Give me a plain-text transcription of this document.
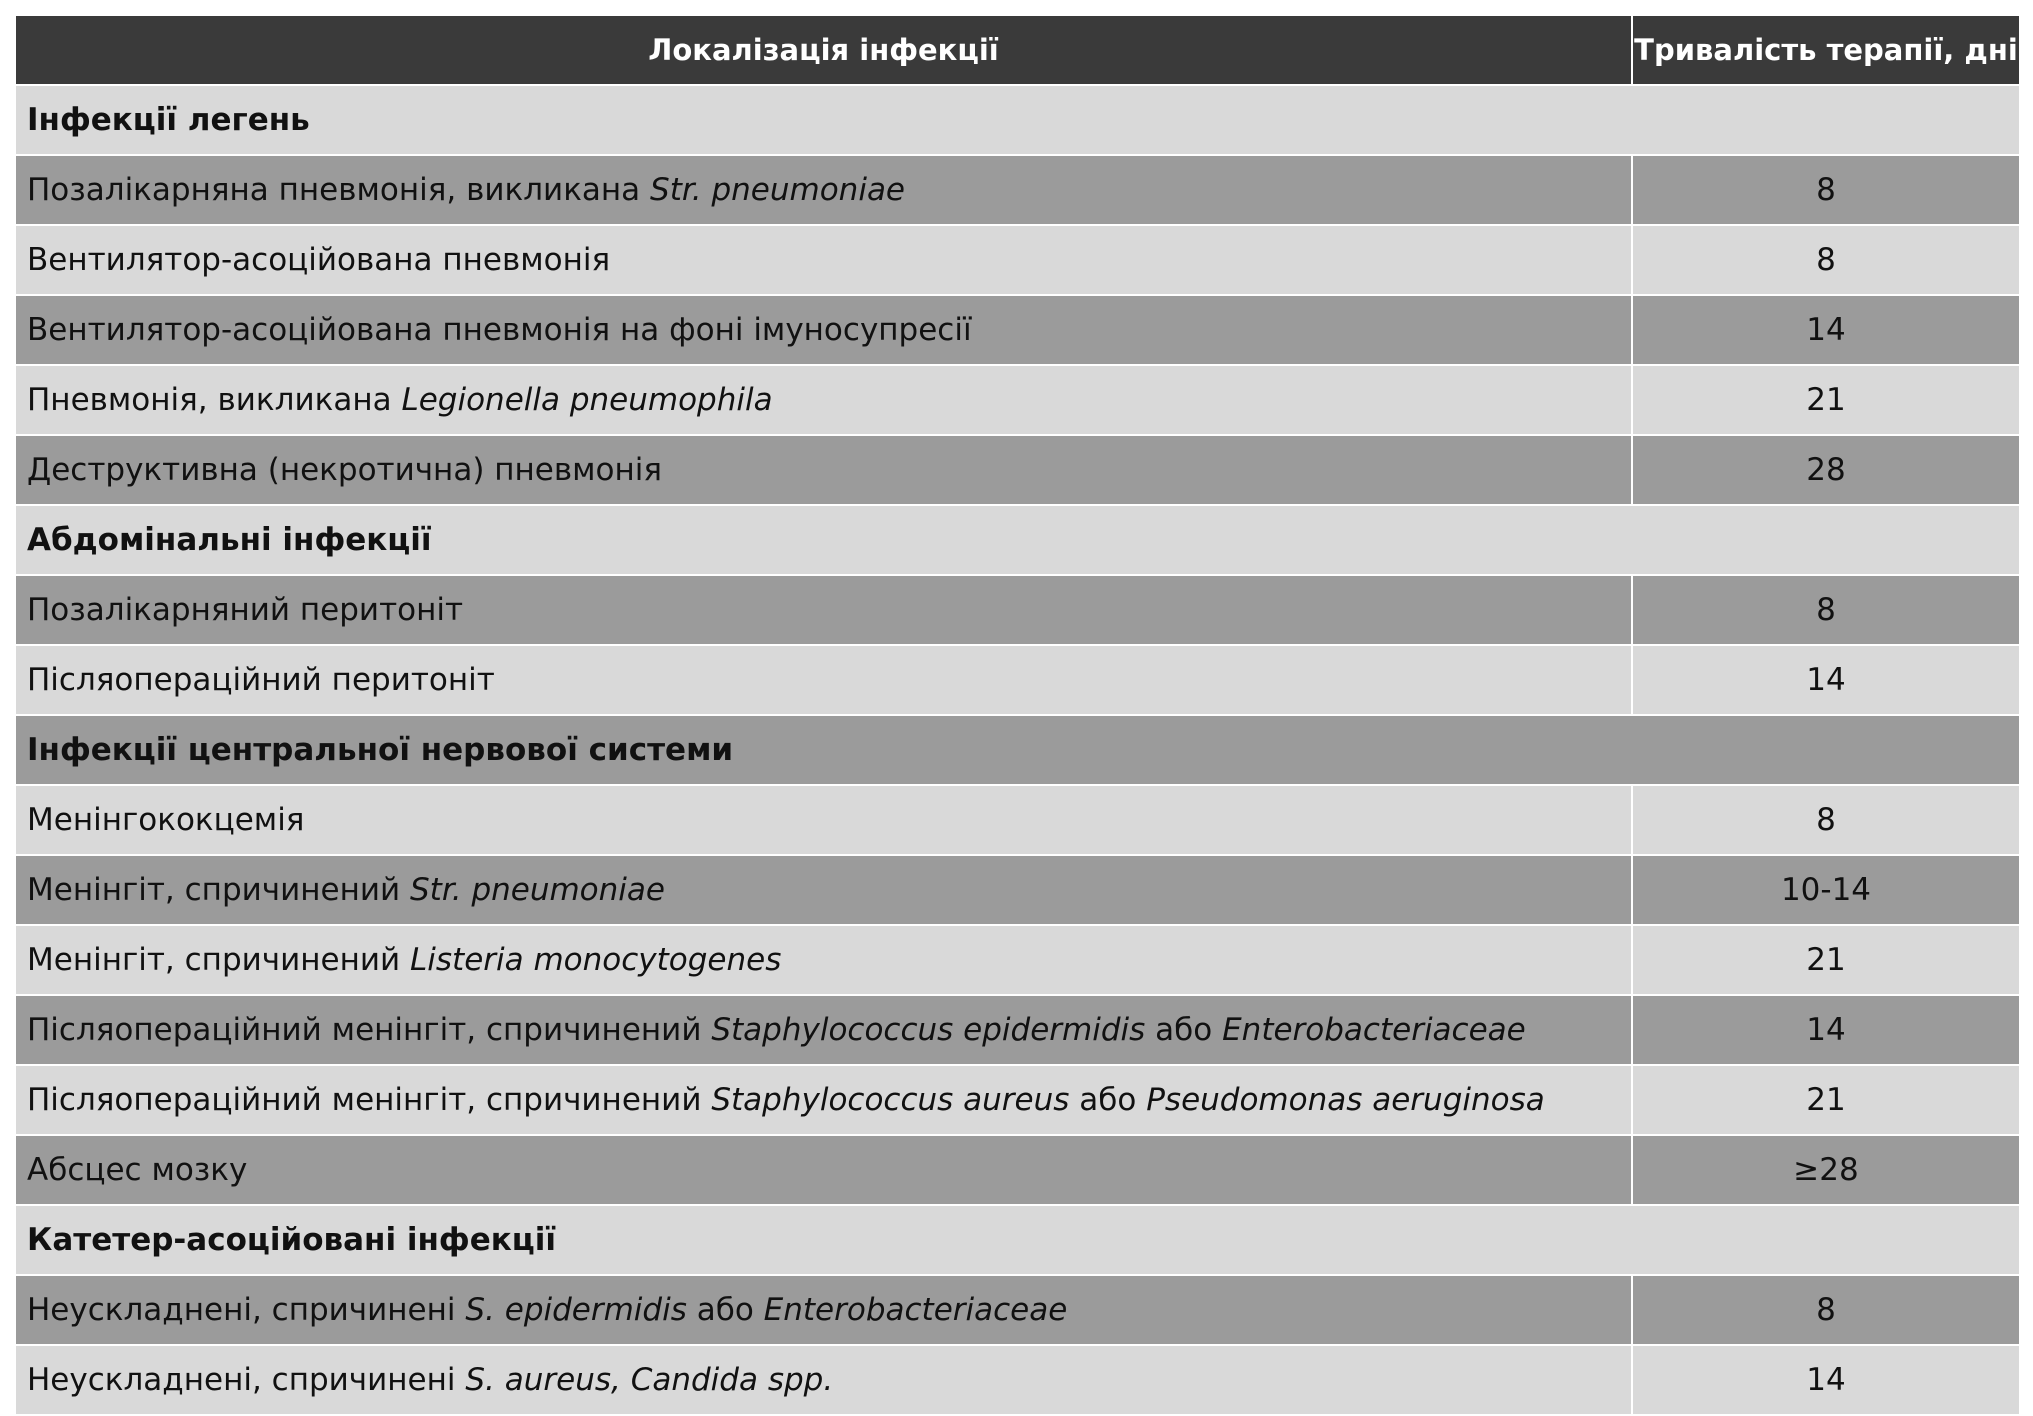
Локалізація інфекції	Тривалість терапії, дні
Інфекції легень	
Позалікарняна пневмонія, викликана Str. pneumoniae	8
Вентилятор-асоційована пневмонія	8
Вентилятор-асоційована пневмонія на фоні імуносупресії	14
Пневмонія, викликана Legionella pneumophila	21
Деструктивна (некротична) пневмонія	28
Абдомінальні інфекції	
Позалікарняний перитоніт	8
Післяопераційний перитоніт	14
Інфекції центральної нервової системи	
Менінгококцемія	8
Менінгіт, спричинений Str. pneumoniae	10-14
Менінгіт, спричинений Listeria monocytogenes	21
Післяопераційний менінгіт, спричинений Staphylococcus epidermidis або Enterobacteriaceae	14
Післяопераційний менінгіт, спричинений Staphylococcus aureus або Pseudomonas aeruginosa	21
Абсцес мозку	≥28
Катетер-асоційовані інфекції	
Неускладнені, спричинені S. epidermidis або Enterobacteriaceae	8
Неускладнені, спричинені S. aureus, Candida spp.	14
